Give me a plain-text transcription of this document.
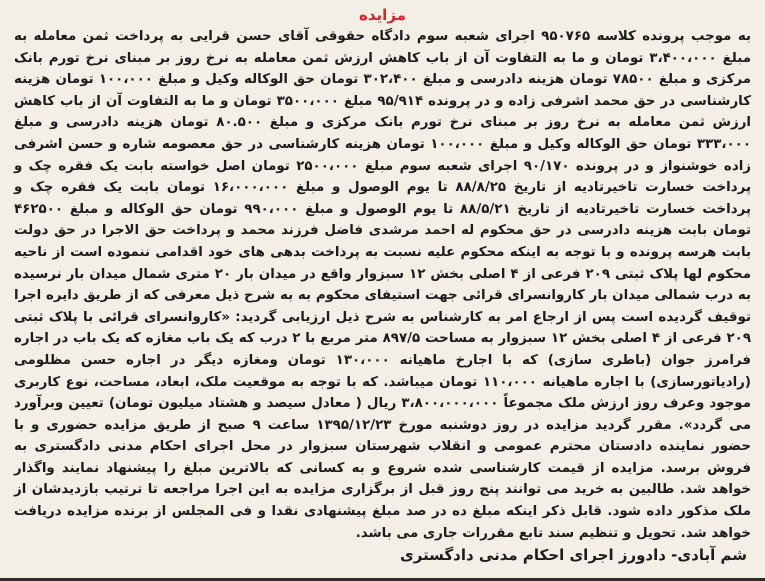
مزایده

به موجب پرونده کلاسه ۹۵۰۷۶۵ اجرای شعبه سوم دادگاه حقوقی آقای حسن قرایی به پرداخت ثمن معامله به مبلغ ۳،۴۰۰،۰۰۰ تومان و ما به التفاوت آن از باب کاهش ارزش ثمن معامله به نرخ روز بر مبنای نرخ تورم بانک مرکزی و مبلغ ۷۸۵۰۰ تومان هزینه دادرسی و مبلغ ۳۰۲،۴۰۰ تومان حق الوکاله وکیل و مبلغ ۱۰۰،۰۰۰ تومان هزینه کارشناسی در حق محمد اشرفی زاده و در پرونده ۹۵/۹۱۴ مبلغ ۳۵۰۰،۰۰۰ تومان و ما به التفاوت آن از باب کاهش ارزش ثمن معامله به نرخ روز بر مبنای نرخ تورم بانک مرکزی و مبلغ ۸۰.۵۰۰ تومان هزینه دادرسی و مبلغ ۳۳۳،۰۰۰ تومان حق الوکاله وکیل و مبلغ ۱۰۰،۰۰۰ تومان هزینه کارشناسی در حق معصومه شاره و حسن اشرفی زاده خوشنواز و در پرونده ۹۰/۱۷۰ اجرای شعبه سوم مبلغ ۲۵۰۰،۰۰۰ تومان اصل خواسته بابت یک فقره چک و پرداخت خسارت تاخیرتادیه از تاریخ ۸۸/۸/۲۵ تا یوم الوصول و مبلغ ۱۶،۰۰۰،۰۰۰ تومان بابت یک فقره چک و پرداخت خسارت تاخیرتادیه از تاریخ ۸۸/۵/۲۱ تا یوم الوصول و مبلغ ۹۹۰،۰۰۰ تومان حق الوکاله و مبلغ ۴۶۲۵۰۰ تومان بابت هزینه دادرسی در حق محکوم له احمد مرشدی فاضل فرزند محمد و پرداخت حق الاجرا در حق دولت بابت هرسه پرونده و با توجه به اینکه محکوم علیه نسبت به پرداخت بدهی های خود اقدامی ننموده است از ناحیه محکوم لها پلاک ثبتی ۲۰۹ فرعی از ۴ اصلی بخش ۱۲ سبزوار واقع در میدان بار ۲۰ متری شمال میدان بار نرسیده به درب شمالی میدان بار کاروانسرای قرائی جهت استیفای محکوم به به شرح ذیل معرفی که از طریق دایره اجرا توقیف گردیده است پس از ارجاع امر به کارشناس به شرح ذیل ارزیابی گردید: «کاروانسرای قرائی با پلاک ثبتی ۲۰۹ فرعی از ۴ اصلی بخش ۱۲ سبزوار به مساحت ۸۹۷/۵ متر مربع با ۲ درب که یک باب مغازه که یک باب در اجاره فرامرز جوان (باطری سازی) که با اجارخ ماهیانه ۱۳۰،۰۰۰ تومان ومغازه دیگر در اجاره حسن مظلومی (رادیاتورسازی) با اجاره ماهیانه ۱۱۰،۰۰۰ تومان میباشد. که با توجه به موقعیت ملک، ابعاد، مساحت، نوع کاربری موجود وعرف روز ارزش ملک مجموعاً ۳،۸۰۰،۰۰۰،۰۰۰ ریال ( معادل سیصد و هشتاد میلیون تومان) تعیین وبرآورد می گردد». مقرر گردید مزایده در روز دوشنبه مورخ ۱۳۹۵/۱۲/۲۳ ساعت ۹ صبح از طریق مزایده حضوری و با حضور نماینده دادستان محترم عمومی و انقلاب شهرستان سبزوار در محل اجرای احکام مدنی دادگستری به فروش برسد. مزایده از قیمت کارشناسی شده شروع و به کسانی که بالاترین مبلغ را پیشنهاد نمایند واگذار خواهد شد. طالبین به خرید می توانند پنج روز قبل از برگزاری مزایده به این اجرا مراجعه تا ترتیب بازدیدشان از ملک مذکور داده شود. قابل ذکر اینکه مبلغ ده در صد مبلغ پیشنهادی نقدا و فی المجلس از برنده مزایده دریافت خواهد شد. تحویل و تنظیم سند تابع مقررات جاری می باشد.

شم آبادی- دادورز اجرای احکام مدنی دادگستری
